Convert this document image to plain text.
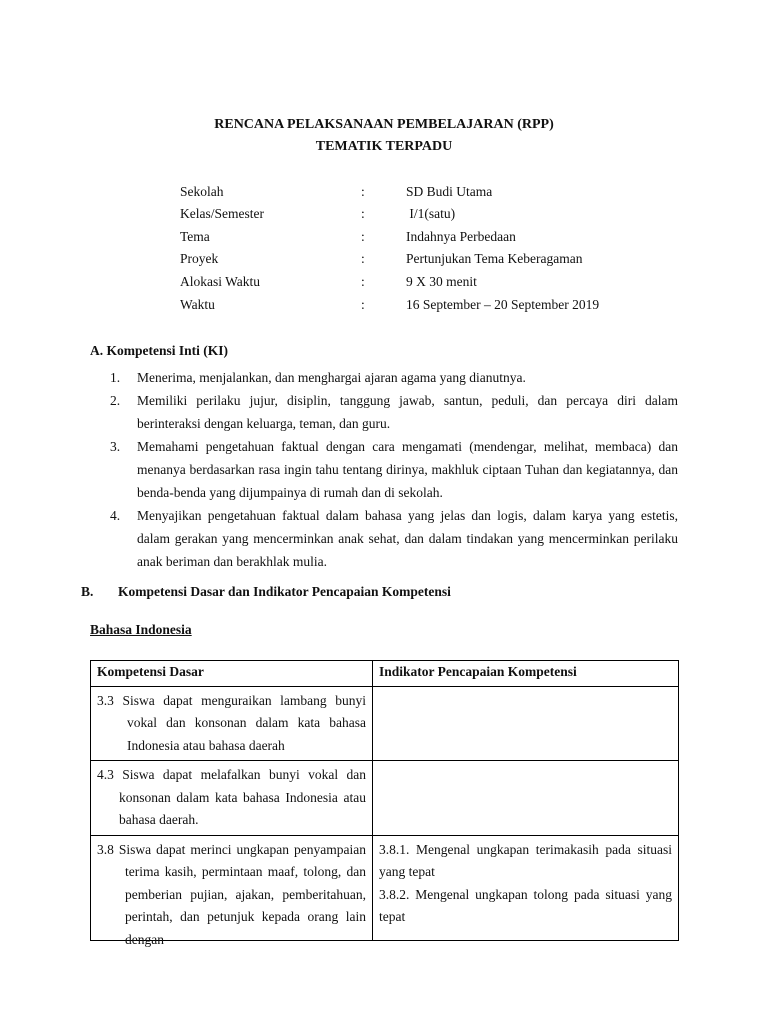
RENCANA PELAKSANAAN PEMBELAJARAN (RPP)
TEMATIK TERPADU
Sekolah	:	SD Budi Utama
Kelas/Semester	:	I/1(satu)
Tema	:	Indahnya Perbedaan
Proyek	:	Pertunjukan Tema Keberagaman
Alokasi Waktu	:	9 X 30 menit
Waktu	:	16 September – 20 September 2019
A. Kompetensi Inti (KI)
1. Menerima, menjalankan, dan menghargai ajaran agama yang dianutnya.
2. Memiliki perilaku jujur, disiplin, tanggung jawab, santun, peduli, dan percaya diri dalam berinteraksi dengan keluarga, teman, dan guru.
3. Memahami pengetahuan faktual dengan cara mengamati (mendengar, melihat, membaca) dan menanya berdasarkan rasa ingin tahu tentang dirinya, makhluk ciptaan Tuhan dan kegiatannya, dan benda-benda yang dijumpainya di rumah dan di sekolah.
4. Menyajikan pengetahuan faktual dalam bahasa yang jelas dan logis, dalam karya yang estetis, dalam gerakan yang mencerminkan anak sehat, dan dalam tindakan yang mencerminkan perilaku anak beriman dan berakhlak mulia.
B. Kompetensi Dasar dan Indikator Pencapaian Kompetensi
Bahasa Indonesia
Kompetensi Dasar	Indikator Pencapaian Kompetensi

3.3 Siswa dapat menguraikan lambang bunyi vokal dan konsonan dalam kata bahasa Indonesia atau bahasa daerah	

4.3 Siswa dapat melafalkan bunyi vokal dan konsonan dalam kata bahasa Indonesia atau bahasa daerah.	

3.8 Siswa dapat merinci ungkapan penyampaian terima kasih, permintaan maaf, tolong, dan pemberian pujian, ajakan, pemberitahuan, perintah, dan petunjuk kepada orang lain dengan	3.8.1. Mengenal ungkapan terimakasih pada situasi yang tepat
3.8.2. Mengenal ungkapan tolong pada situasi yang tepat
